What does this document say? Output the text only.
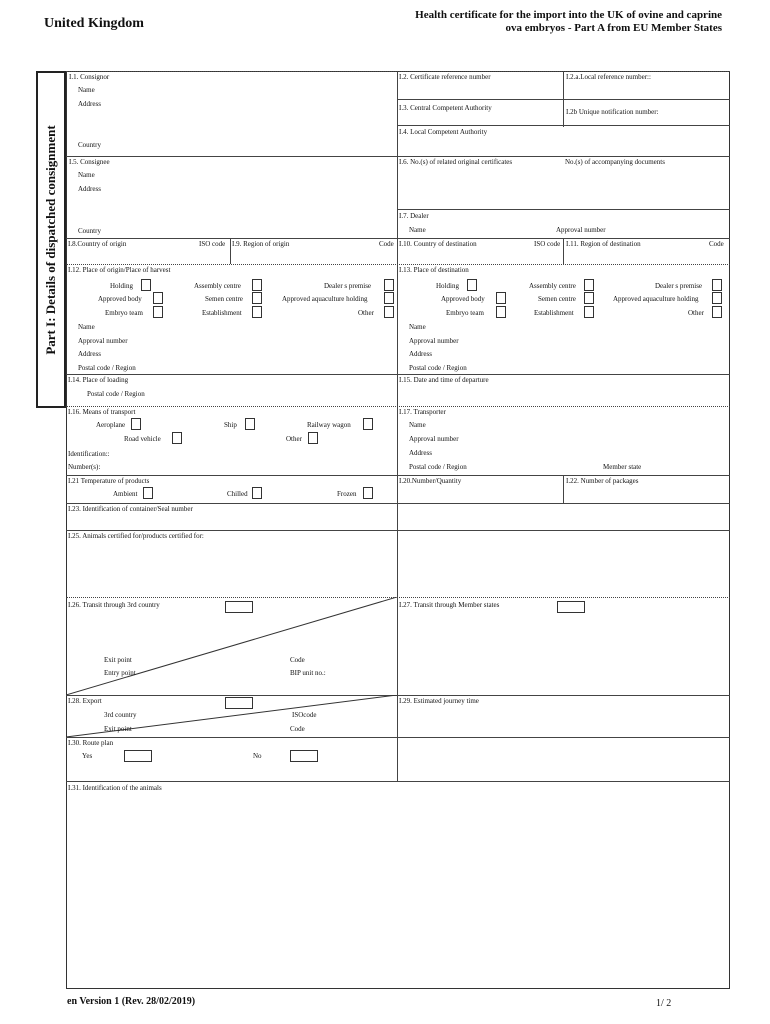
United Kingdom
Health certificate for the import into the UK of ovine and caprine
ova embryos - Part A from EU Member States
Part I: Details of dispatched consignment
I.1. Consignor
Name
Address
Country
I.2. Certificate reference number	I.2.a.Local reference number::
I.3. Central Competent Authority	I.2b Unique notification number:
I.4. Local Competent Authority
I.5. Consignee
Name
Address
Country
I.6. No.(s) of related original certificates	No.(s) of accompanying documents
I.7. Dealer
Name	Approval number
I.8.Country of origin	ISO code I.9. Region of origin	Code I.10. Country of destination	ISO code I.11. Region of destination	Code
I.12. Place of origin/Place of harvest
Holding	Assembly centre	Dealer s premise
Approved body	Semen centre	Approved aquaculture holding
Embryo team	Establishment	Other
Name
Approval number
Address
Postal code / Region
I.13. Place of destination
Holding	Assembly centre	Dealer s premise
Approved body	Semen centre	Approved aquaculture holding
Embryo team	Establishment	Other
Name
Approval number
Address
Postal code / Region
I.14. Place of loading
Postal code / Region
I.15. Date and time of departure
I.16. Means of transport
Aeroplane	Ship	Railway wagon
Road vehicle	Other
Identification::
Number(s):
I.17. Transporter
Name
Approval number
Address
Postal code / Region	Member state
I.21 Temperature of products
Ambient	Chilled	Frozen
I.20.Number/Quantity	I.22. Number of packages
I.23. Identification of container/Seal number
I.25. Animals certified for/products certified for:
I.26. Transit through 3rd country	I.27. Transit through Member states
Exit point	Code
Entry point	BIP unit no.:
I.28. Export
3rd country	ISOcode
Exit point	Code
I.29. Estimated journey time
I.30. Route plan
Yes	No
I.31. Identification of the animals
en Version 1 (Rev. 28/02/2019)	1/ 2
